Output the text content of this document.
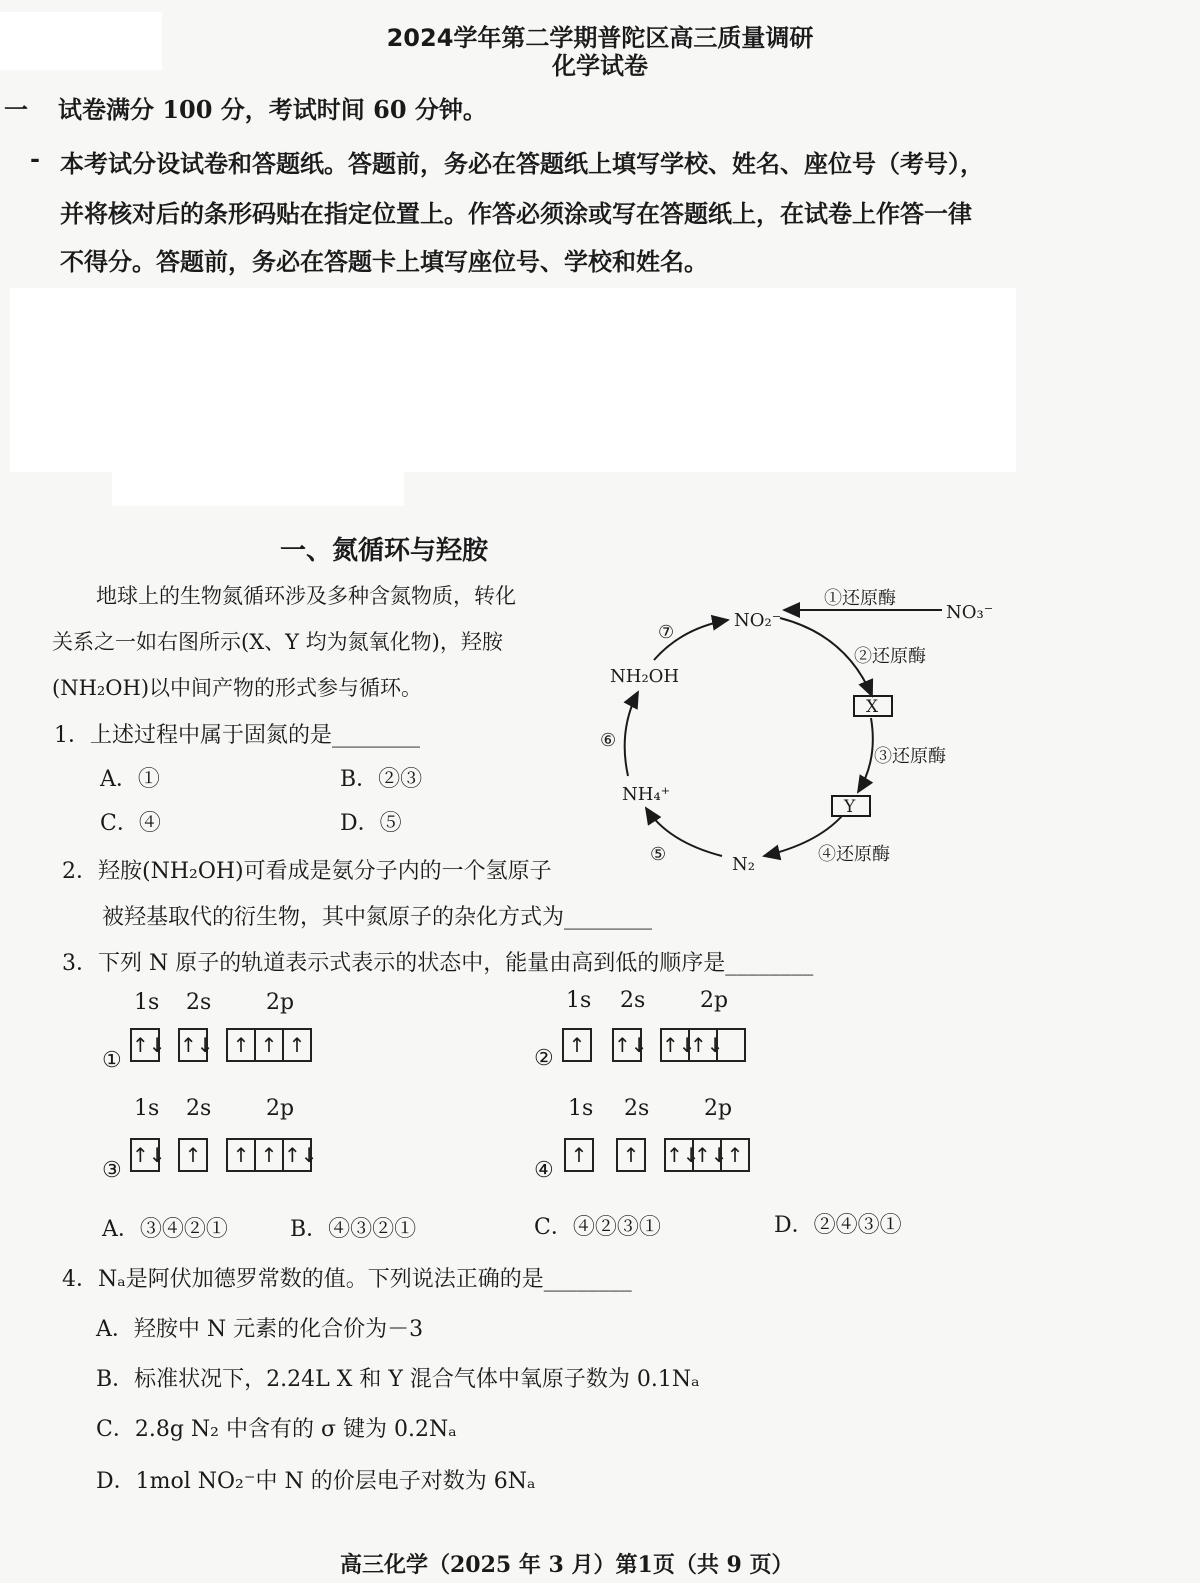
2024学年第二学期普陀区高三质量调研
化学试卷
一 试卷满分 100 分，考试时间 60 分钟。
- 本考试分设试卷和答题纸。答题前，务必在答题纸上填写学校、姓名、座位号（考号），
并将核对后的条形码贴在指定位置上。作答必须涂或写在答题纸上，在试卷上作答一律
不得分。答题前，务必在答题卡上填写座位号、学校和姓名。
一、氮循环与羟胺
地球上的生物氮循环涉及多种含氮物质，转化
关系之一如右图所示(X、Y 均为氮氧化物)，羟胺
(NH₂OH)以中间产物的形式参与循环。
NO₂⁻	NO₃⁻
NH₂OH
NH₄⁺
N₂
X
Y
①还原酶
②还原酶
③还原酶
④还原酶
⑤
⑥
⑦
1．上述过程中属于固氮的是________
A．①	B．②③
C．④	D．⑤
2．羟胺(NH₂OH)可看成是氨分子内的一个氢原子
被羟基取代的衍生物，其中氮原子的杂化方式为________
3．下列 N 原子的轨道表示式表示的状态中，能量由高到低的顺序是________
1s 2s 2p
①
↑↓ ↑↓ ↑ ↑ ↑
1s 2s 2p
②
↑	↑↓ ↑↓↑↓
1s 2s 2p
③
↑↓ ↑	↑ ↑ ↑↓
1s 2s 2p
④
↑	↑	↑↓↑↓↑
A．③④②①	B．④③②①	C．④②③①	D．②④③①
4．Nₐ是阿伏加德罗常数的值。下列说法正确的是________
A．羟胺中 N 元素的化合价为－3
B．标准状况下，2.24L X 和 Y 混合气体中氧原子数为 0.1Nₐ
C．2.8g N₂ 中含有的 σ 键为 0.2Nₐ
D．1mol NO₂⁻中 N 的价层电子对数为 6Nₐ
高三化学（2025 年 3 月）第1页（共 9 页）
